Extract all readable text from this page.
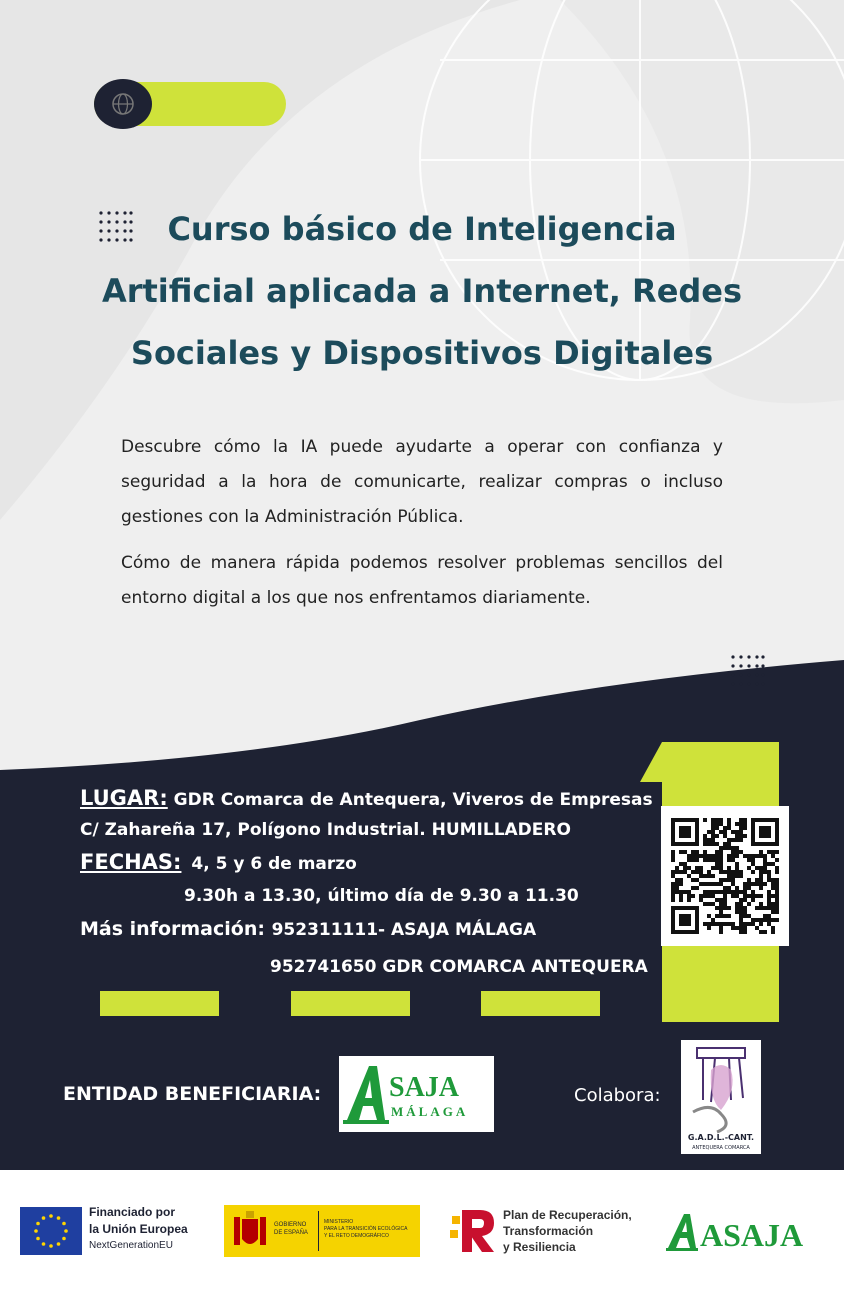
Curso básico de Inteligencia
Artificial aplicada a Internet, Redes
Sociales y Dispositivos Digitales

Descubre cómo la IA puede ayudarte a operar con confianza y seguridad a la hora de comunicarte, realizar compras o incluso gestiones con la Administración Pública.

Cómo de manera rápida podemos resolver problemas sencillos del entorno digital a los que nos enfrentamos diariamente.

LUGAR: GDR Comarca de Antequera, Viveros de Empresas
C/ Zahareña 17, Polígono Industrial. HUMILLADERO
FECHAS: 4, 5 y 6 de marzo
9.30h a 13.30, último día de 9.30 a 11.30
Más información: 952311111- ASAJA MÁLAGA
952741650 GDR COMARCA ANTEQUERA
ENTIDAD BENEFICIARIA: SAJA
MÁLAGA
Colabora:
G.A.D.L.-CANT.
ANTEQUERA COMARCA
Financiado por
la Unión Europea
NextGenerationEU
GOBIERNO
DE ESPAÑA
MINISTERIO
PARA LA TRANSICIÓN ECOLÓGICA
Y EL RETO DEMOGRÁFICO
Plan de Recuperación,
Transformación
y Resiliencia	ASAJA
